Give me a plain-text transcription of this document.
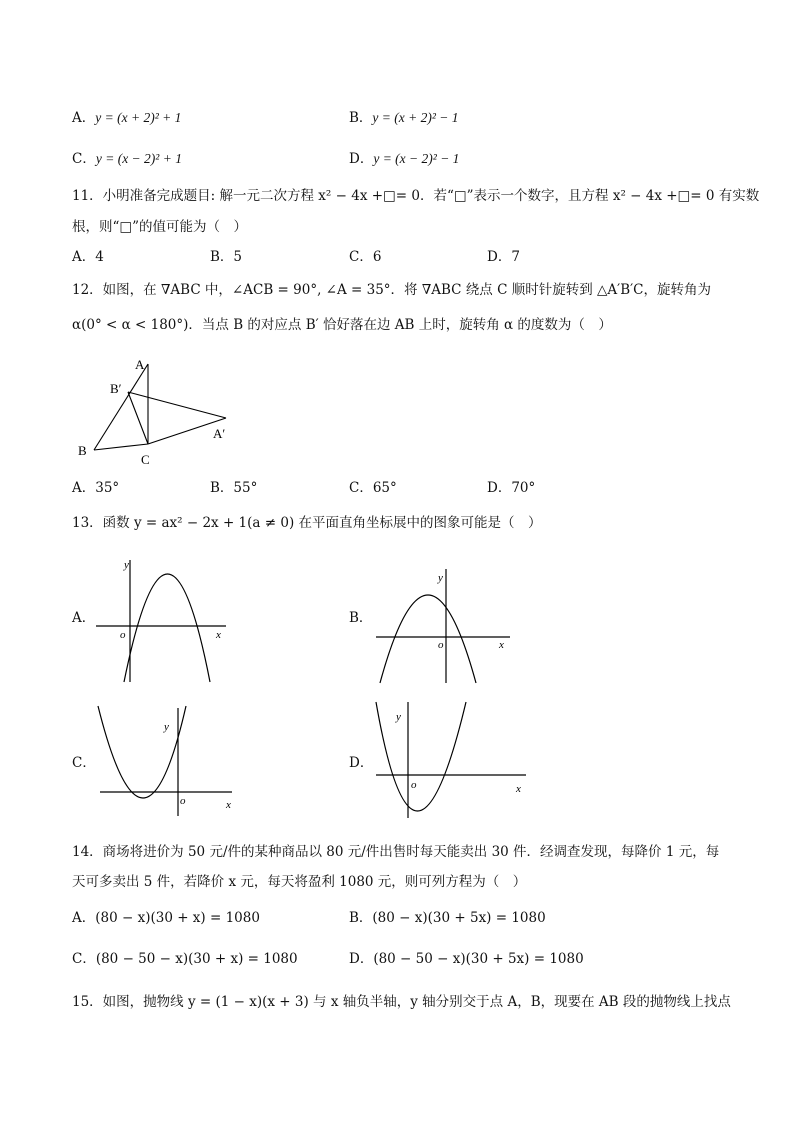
A．y = (x + 2)² + 1	B．y = (x + 2)² − 1
C．y = (x − 2)² + 1	D．y = (x − 2)² − 1
11．小明准备完成题目: 解一元二次方程 x² − 4x +□= 0．若“□”表示一个数字，且方程 x² − 4x +□= 0 有实数
根，则“□”的值可能为（　）
A．4	B．5	C．6	D．7
12．如图，在 ∇ABC 中，∠ACB = 90°, ∠A = 35°．将 ∇ABC 绕点 C 顺时针旋转到 △A′B′C，旋转角为
α(0° < α < 180°)．当点 B 的对应点 B′ 恰好落在边 AB 上时，旋转角 α 的度数为（　）
A
B′
A′
B
C
A．35°	B．55°	C．65°	D．70°
13．函数 y = ax² − 2x + 1(a ≠ 0) 在平面直角坐标展中的图象可能是（　）
A．
y
o	x
B．
y
o	x
C．
y
o	x
D．
y
o	x
14．商场将进价为 50 元/件的某种商品以 80 元/件出售时每天能卖出 30 件．经调查发现，每降价 1 元，每
天可多卖出 5 件，若降价 x 元，每天将盈利 1080 元，则可列方程为（　）
A．(80 − x)(30 + x) = 1080	B．(80 − x)(30 + 5x) = 1080
C．(80 − 50 − x)(30 + x) = 1080	D．(80 − 50 − x)(30 + 5x) = 1080
15．如图，抛物线 y = (1 − x)(x + 3) 与 x 轴负半轴，y 轴分别交于点 A，B，现要在 AB 段的抛物线上找点
